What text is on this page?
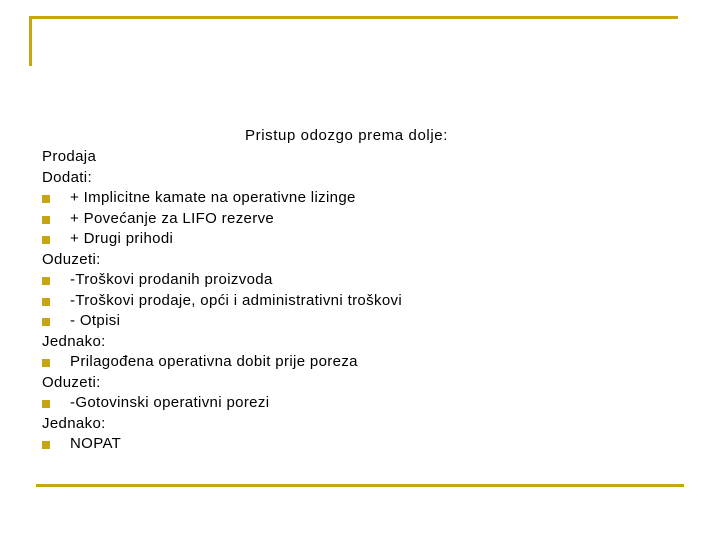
Pristup odozgo prema dolje:
Prodaja
Dodati:
+ Implicitne kamate na operativne lizinge
+ Povećanje za LIFO rezerve
+ Drugi prihodi
Oduzeti:
-Troškovi prodanih proizvoda
-Troškovi prodaje, opći i administrativni troškovi
- Otpisi
Jednako:
Prilagođena operativna dobit prije poreza
Oduzeti:
-Gotovinski operativni porezi
Jednako:
NOPAT
